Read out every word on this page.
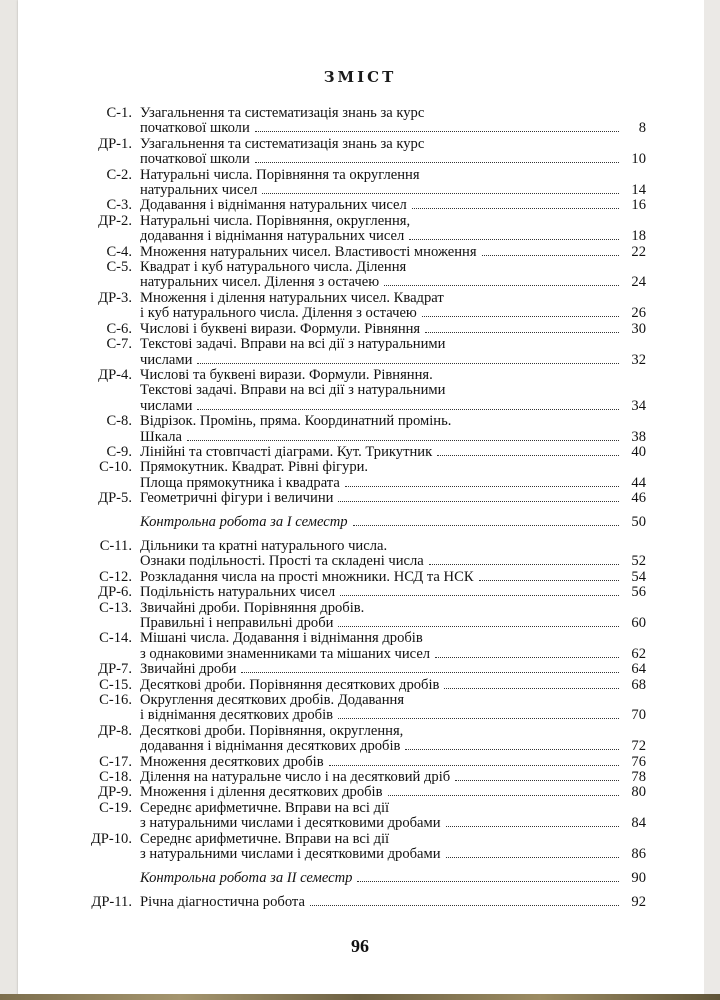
ЗМІСТ
С-1. Узагальнення та систематизація знань за курс
початкової школи	8
ДР-1. Узагальнення та систематизація знань за курс
початкової школи	10
С-2. Натуральні числа. Порівняння та округлення
натуральних чисел	14
С-3. Додавання і віднімання натуральних чисел	16
ДР-2. Натуральні числа. Порівняння, округлення,
додавання і віднімання натуральних чисел	18
С-4. Множення натуральних чисел. Властивості множення	22
С-5. Квадрат і куб натурального числа. Ділення
натуральних чисел. Ділення з остачею	24
ДР-3. Множення і ділення натуральних чисел. Квадрат
і куб натурального числа. Ділення з остачею	26
С-6. Числові і буквені вирази. Формули. Рівняння	30
С-7. Текстові задачі. Вправи на всі дії з натуральними
числами	32
ДР-4. Числові та буквені вирази. Формули. Рівняння.
Текстові задачі. Вправи на всі дії з натуральними
числами	34
С-8. Відрізок. Промінь, пряма. Координатний промінь.
Шкала	38
С-9. Лінійні та стовпчасті діаграми. Кут. Трикутник	40
С-10. Прямокутник. Квадрат. Рівні фігури.
Площа прямокутника і квадрата	44
ДР-5. Геометричні фігури і величини	46
Контрольна робота за І семестр	50
С-11. Дільники та кратні натурального числа.
Ознаки подільності. Прості та складені числа	52
С-12. Розкладання числа на прості множники. НСД та НСК	54
ДР-6. Подільність натуральних чисел	56
С-13. Звичайні дроби. Порівняння дробів.
Правильні і неправильні дроби	60
С-14. Мішані числа. Додавання і віднімання дробів
з однаковими знаменниками та мішаних чисел	62
ДР-7. Звичайні дроби	64
С-15. Десяткові дроби. Порівняння десяткових дробів	68
С-16. Округлення десяткових дробів. Додавання
і віднімання десяткових дробів	70
ДР-8. Десяткові дроби. Порівняння, округлення,
додавання і віднімання десяткових дробів	72
С-17. Множення десяткових дробів	76
С-18. Ділення на натуральне число і на десятковий дріб	78
ДР-9. Множення і ділення десяткових дробів	80
С-19. Середнє арифметичне. Вправи на всі дії
з натуральними числами і десятковими дробами	84
ДР-10. Середнє арифметичне. Вправи на всі дії
з натуральними числами і десятковими дробами	86
Контрольна робота за ІІ семестр	90
ДР-11. Річна діагностична робота	92
96
